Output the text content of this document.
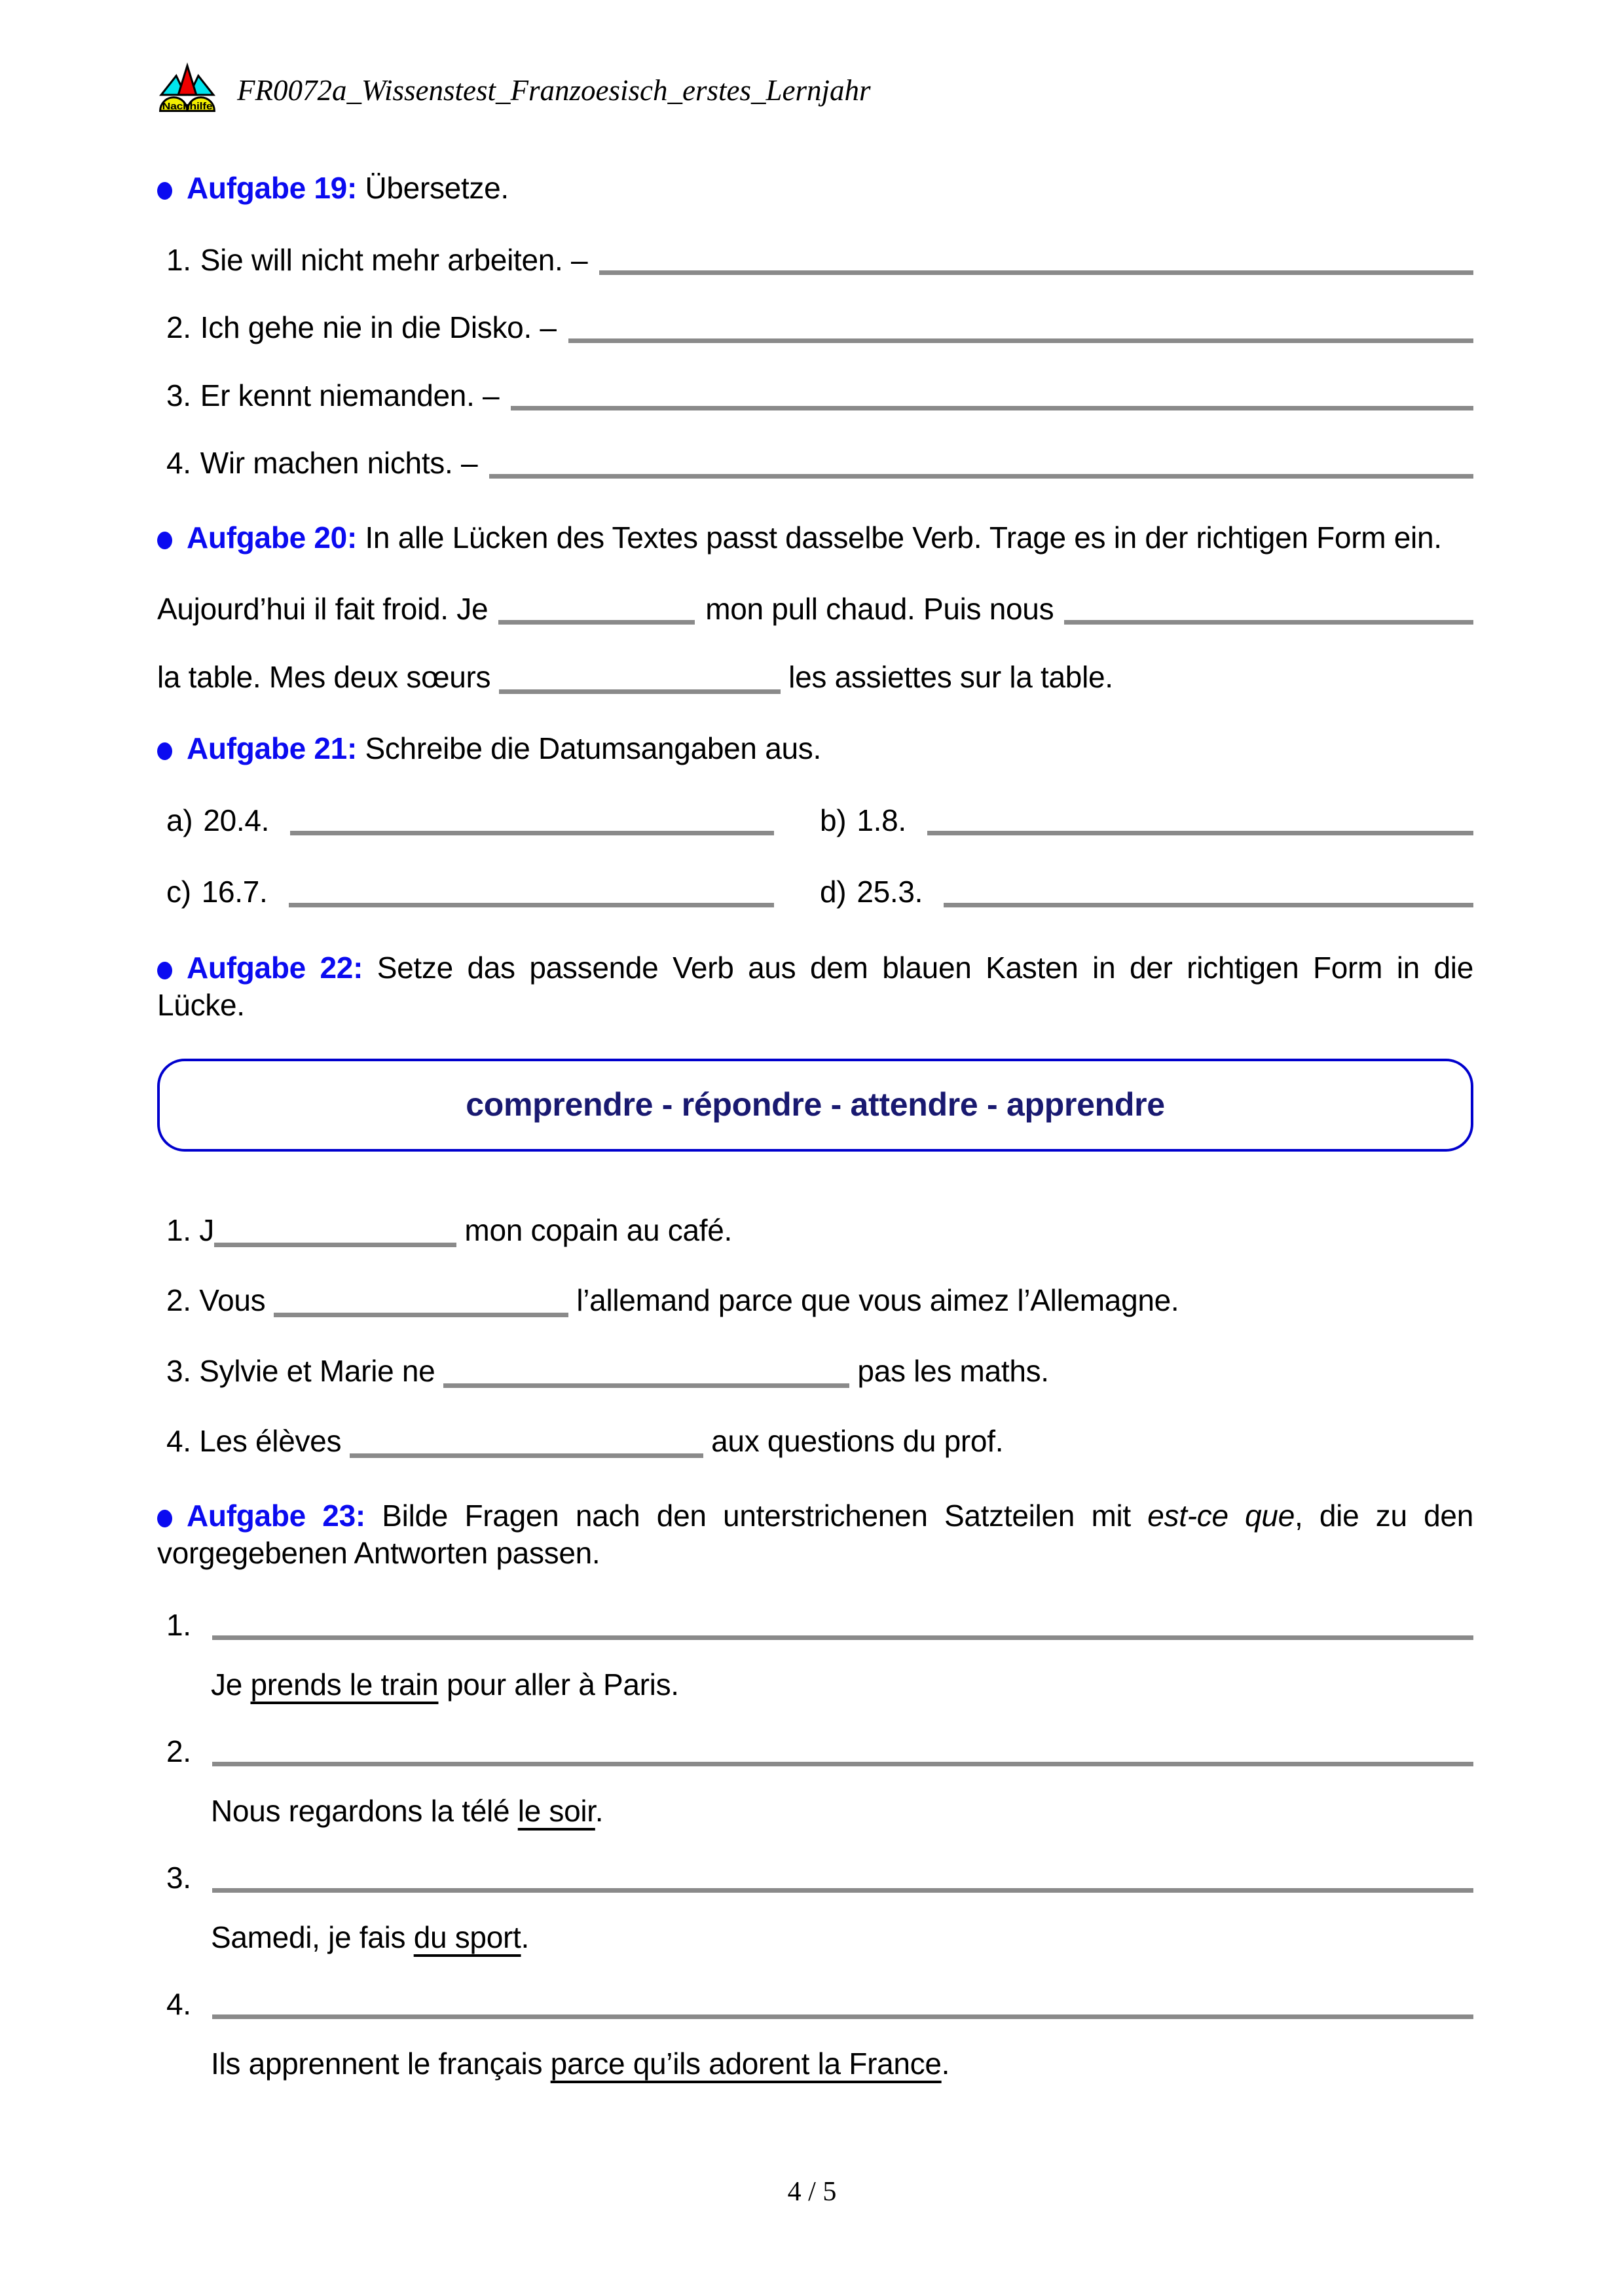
Nachhilfe
FR0072a_Wissenstest_Franzoesisch_erstes_Lernjahr

Aufgabe 19: Übersetze.

1. Sie will nicht mehr arbeiten. –
2. Ich gehe nie in die Disko. –
3. Er kennt niemanden. –
4. Wir machen nichts. –

Aufgabe 20: In alle Lücken des Textes passt dasselbe Verb. Trage es in der richtigen Form ein.

Aujourd’hui il fait froid. Je	mon pull chaud. Puis nous
la table. Mes deux sœurs	les assiettes sur la table.

Aufgabe 21: Schreibe die Datumsangaben aus.

a) 20.4.	b) 1.8.
c) 16.7.	d) 25.3.

Aufgabe 22: Setze das passende Verb aus dem blauen Kasten in der richtigen Form in die Lücke.

comprendre - répondre - attendre - apprendre
1. J	mon copain au café.
2. Vous	l’allemand parce que vous aimez l’Allemagne.
3. Sylvie et Marie ne	pas les maths.
4. Les élèves	aux questions du prof.

Aufgabe 23: Bilde Fragen nach den unterstrichenen Satzteilen mit est-ce que, die zu den vorgegebenen Antworten passen.

1.
Je prends le train pour aller à Paris.
2.
Nous regardons la télé le soir.
3.
Samedi, je fais du sport.
4.
Ils apprennent le français parce qu’ils adorent la France.
4 / 5
